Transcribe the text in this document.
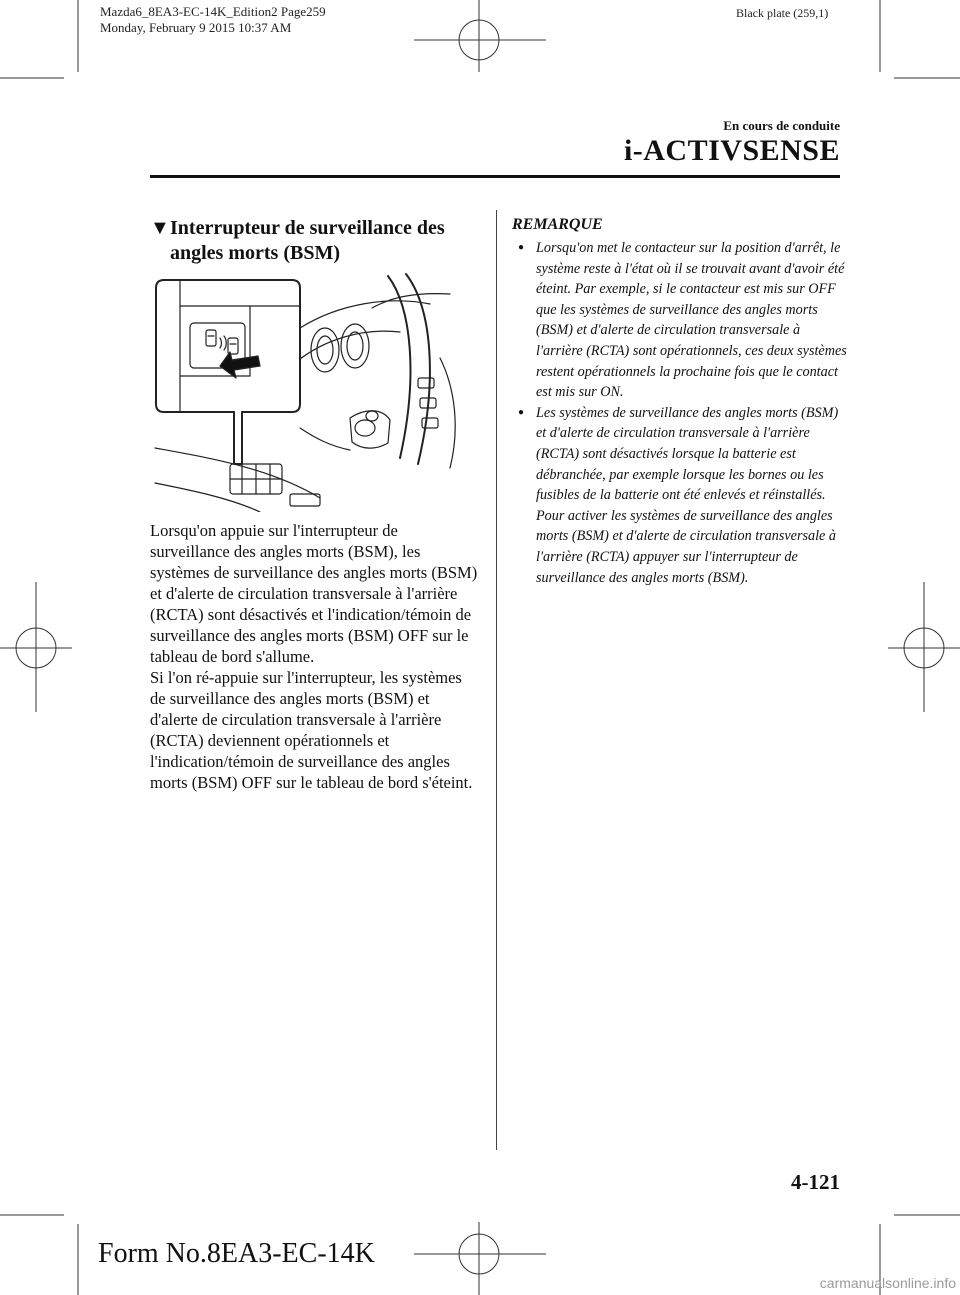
Mazda6_8EA3-EC-14K_Edition2 Page259
Monday, February 9 2015 10:37 AM
Black plate (259,1)
En cours de conduite
i-ACTIVSENSE
▼Interrupteur de surveillance des
angles morts (BSM)

Lorsqu'on appuie sur l'interrupteur de surveillance des angles morts (BSM), les systèmes de surveillance des angles morts (BSM) et d'alerte de circulation transversale à l'arrière (RCTA) sont désactivés et l'indication/témoin de surveillance des angles morts (BSM) OFF sur le tableau de bord s'allume.

Si l'on ré-appuie sur l'interrupteur, les systèmes de surveillance des angles morts (BSM) et d'alerte de circulation transversale à l'arrière (RCTA) deviennent opérationnels et l'indication/témoin de surveillance des angles morts (BSM) OFF sur le tableau de bord s'éteint.

REMARQUE
● Lorsqu'on met le contacteur sur la position d'arrêt, le système reste à l'état où il se trouvait avant d'avoir été éteint. Par exemple, si le contacteur est mis sur OFF que les systèmes de surveillance des angles morts (BSM) et d'alerte de circulation transversale à l'arrière (RCTA) sont opérationnels, ces deux systèmes restent opérationnels la prochaine fois que le contact est mis sur ON.
● Les systèmes de surveillance des angles morts (BSM) et d'alerte de circulation transversale à l'arrière (RCTA) sont désactivés lorsque la batterie est débranchée, par exemple lorsque les bornes ou les fusibles de la batterie ont été enlevés et réinstallés. Pour activer les systèmes de surveillance des angles morts (BSM) et d'alerte de circulation transversale à l'arrière (RCTA) appuyer sur l'interrupteur de surveillance des angles morts (BSM).
4-121
Form No.8EA3-EC-14K
carmanualsonline.info
